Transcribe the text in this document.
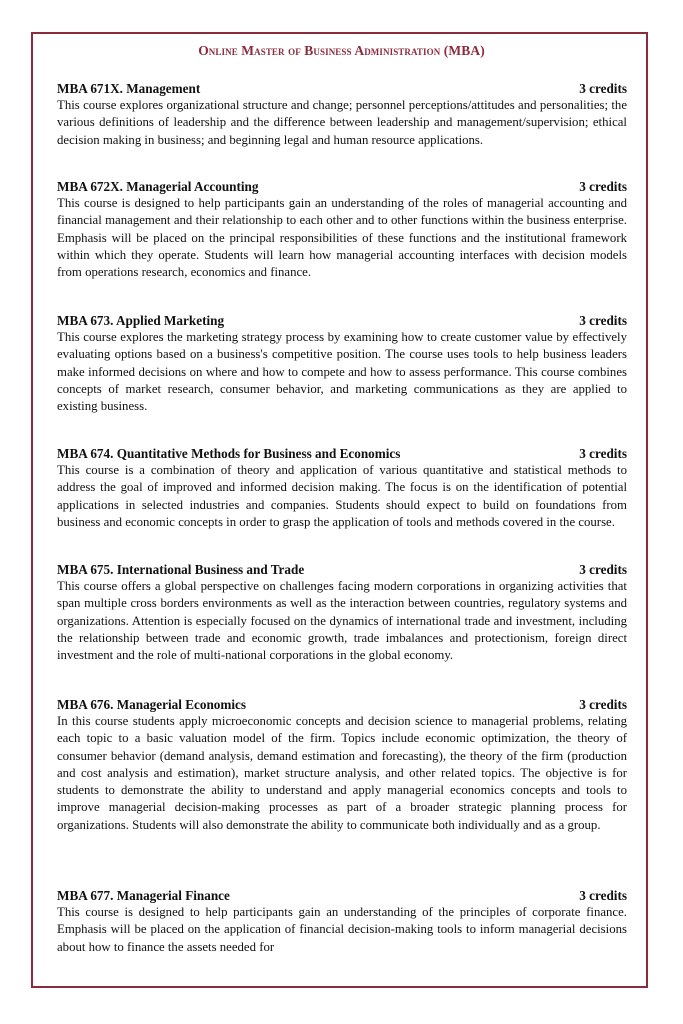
Online Master of Business Administration (MBA)
MBA 671X. Management	3 credits

This course explores organizational structure and change; personnel perceptions/attitudes and personalities; the various definitions of leadership and the difference between leadership and management/supervision; ethical decision making in business; and beginning legal and human resource applications.

MBA 672X. Managerial Accounting	3 credits

This course is designed to help participants gain an understanding of the roles of managerial accounting and financial management and their relationship to each other and to other functions within the business enterprise. Emphasis will be placed on the principal responsibilities of these functions and the institutional framework within which they operate. Students will learn how managerial accounting interfaces with decision models from operations research, economics and finance.

MBA 673. Applied Marketing	3 credits

This course explores the marketing strategy process by examining how to create customer value by effectively evaluating options based on a business's competitive position. The course uses tools to help business leaders make informed decisions on where and how to compete and how to assess performance. This course combines concepts of market research, consumer behavior, and marketing communications as they are applied to existing business.

MBA 674. Quantitative Methods for Business and Economics	3 credits

This course is a combination of theory and application of various quantitative and statistical methods to address the goal of improved and informed decision making. The focus is on the identification of potential applications in selected industries and companies. Students should expect to build on foundations from business and economic concepts in order to grasp the application of tools and methods covered in the course.

MBA 675. International Business and Trade	3 credits

This course offers a global perspective on challenges facing modern corporations in organizing activities that span multiple cross borders environments as well as the interaction between countries, regulatory systems and organizations. Attention is especially focused on the dynamics of international trade and investment, including the relationship between trade and economic growth, trade imbalances and protectionism, foreign direct investment and the role of multi-national corporations in the global economy.

MBA 676. Managerial Economics	3 credits

In this course students apply microeconomic concepts and decision science to managerial problems, relating each topic to a basic valuation model of the firm. Topics include economic optimization, the theory of consumer behavior (demand analysis, demand estimation and forecasting), the theory of the firm (production and cost analysis and estimation), market structure analysis, and other related topics. The objective is for students to demonstrate the ability to understand and apply managerial economics concepts and tools to improve managerial decision-making processes as part of a broader strategic planning process for organizations. Students will also demonstrate the ability to communicate both individually and as a group.

MBA 677. Managerial Finance	3 credits

This course is designed to help participants gain an understanding of the principles of corporate finance. Emphasis will be placed on the application of financial decision-making tools to inform managerial decisions about how to finance the assets needed for
